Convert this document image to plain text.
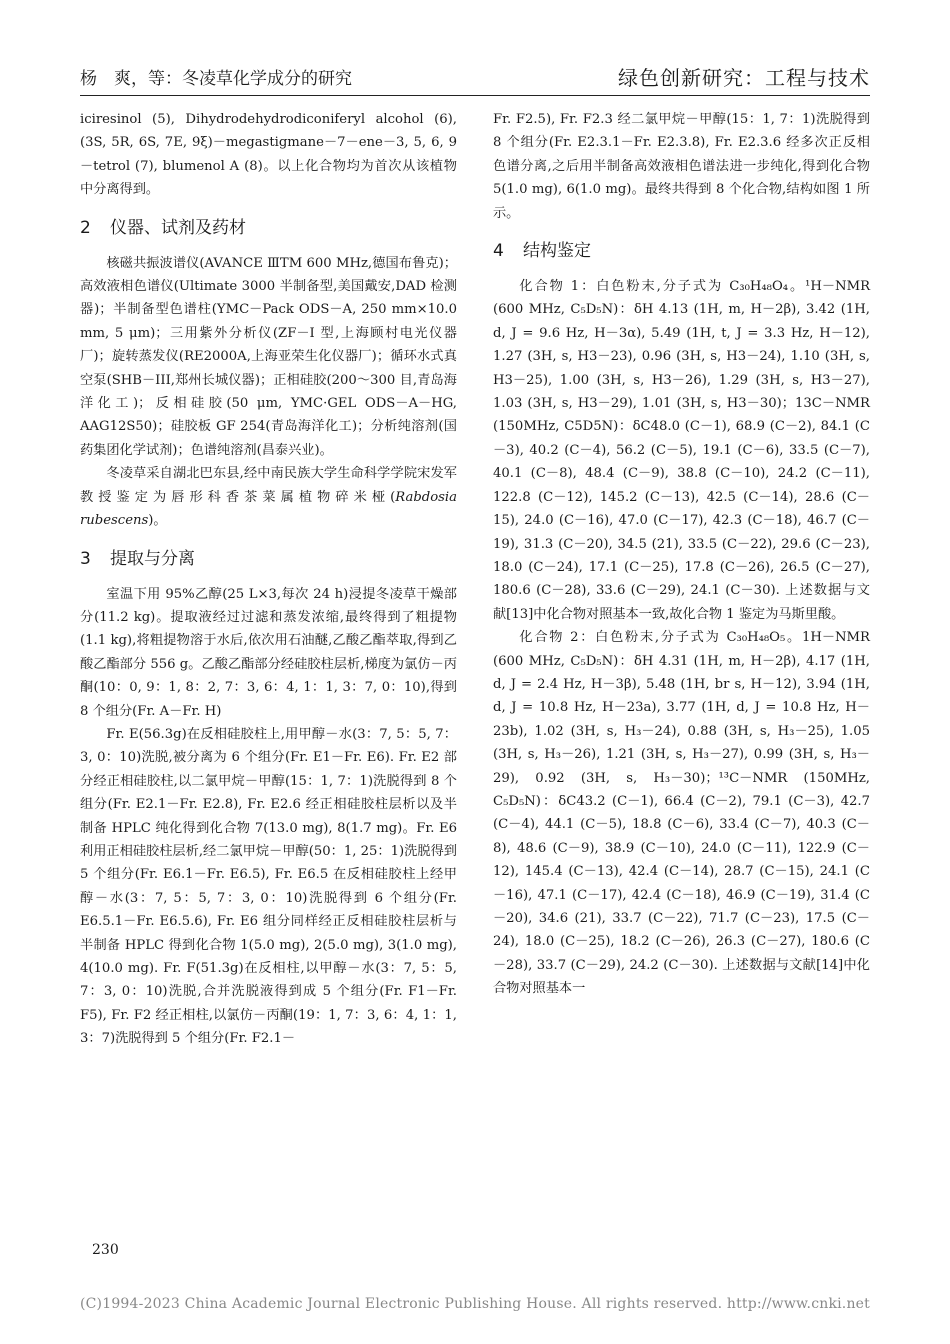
杨　爽，等：冬凌草化学成分的研究	绿色创新研究：工程与技术

iciresinol (5), Dihydrodehydrodiconiferyl alcohol (6), (3S, 5R, 6S, 7E, 9ξ)－megastigmane－7－ene－3, 5, 6, 9－tetrol (7), blumenol A (8)。以上化合物均为首次从该植物中分离得到。

2 仪器、试剂及药材

核磁共振波谱仪(AVANCE ⅢTM 600 MHz,德国布鲁克)；高效液相色谱仪(Ultimate 3000 半制备型,美国戴安,DAD 检测器)；半制备型色谱柱(YMC－Pack ODS－A, 250 mm×10.0 mm, 5 μm)；三用紫外分析仪(ZF－I 型,上海顾村电光仪器厂)；旋转蒸发仪(RE2000A,上海亚荣生化仪器厂)；循环水式真空泵(SHB－III,郑州长城仪器)；正相硅胶(200～300 目,青岛海洋化工)；反相硅胶(50 μm, YMC·GEL ODS－A－HG, AAG12S50)；硅胶板 GF 254(青岛海洋化工)；分析纯溶剂(国药集团化学试剂)；色谱纯溶剂(昌泰兴业)。

冬凌草采自湖北巴东县,经中南民族大学生命科学学院宋发军教授鉴定为唇形科香茶菜属植物碎米桠(Rabdosia rubescens)。

3 提取与分离

室温下用 95%乙醇(25 L×3,每次 24 h)浸提冬凌草干燥部分(11.2 kg)。提取液经过过滤和蒸发浓缩,最终得到了粗提物(1.1 kg),将粗提物溶于水后,依次用石油醚,乙酸乙酯萃取,得到乙酸乙酯部分 556 g。乙酸乙酯部分经硅胶柱层析,梯度为氯仿－丙酮(10：0, 9：1, 8：2, 7：3, 6：4, 1：1, 3：7, 0：10),得到 8 个组分(Fr. A－Fr. H)

Fr. E(56.3g)在反相硅胶柱上,用甲醇－水(3：7, 5：5, 7：3, 0：10)洗脱,被分离为 6 个组分(Fr. E1－Fr. E6). Fr. E2 部分经正相硅胶柱,以二氯甲烷－甲醇(15：1, 7：1)洗脱得到 8 个组分(Fr. E2.1－Fr. E2.8), Fr. E2.6 经正相硅胶柱层析以及半制备 HPLC 纯化得到化合物 7(13.0 mg), 8(1.7 mg)。Fr. E6 利用正相硅胶柱层析,经二氯甲烷－甲醇(50：1, 25：1)洗脱得到 5 个组分(Fr. E6.1－Fr. E6.5), Fr. E6.5 在反相硅胶柱上经甲醇－水(3：7, 5：5, 7：3, 0：10)洗脱得到 6 个组分(Fr. E6.5.1－Fr. E6.5.6), Fr. E6 组分同样经正反相硅胶柱层析与半制备 HPLC 得到化合物 1(5.0 mg), 2(5.0 mg), 3(1.0 mg), 4(10.0 mg). Fr. F(51.3g)在反相柱,以甲醇－水(3：7, 5：5, 7：3, 0：10)洗脱,合并洗脱液得到成 5 个组分(Fr. F1－Fr. F5), Fr. F2 经正相柱,以氯仿－丙酮(19：1, 7：3, 6：4, 1：1, 3：7)洗脱得到 5 个组分(Fr. F2.1－

Fr. F2.5), Fr. F2.3 经二氯甲烷－甲醇(15：1, 7：1)洗脱得到 8 个组分(Fr. E2.3.1－Fr. E2.3.8), Fr. E2.3.6 经多次正反相色谱分离,之后用半制备高效液相色谱法进一步纯化,得到化合物 5(1.0 mg), 6(1.0 mg)。最终共得到 8 个化合物,结构如图 1 所示。

4 结构鉴定

化合物 1：白色粉末,分子式为 C₃₀H₄₈O₄。¹H－NMR (600 MHz, C₅D₅N)：δH 4.13 (1H, m, H－2β), 3.42 (1H, d, J = 9.6 Hz, H－3α), 5.49 (1H, t, J = 3.3 Hz, H－12), 1.27 (3H, s, H3－23), 0.96 (3H, s, H3－24), 1.10 (3H, s, H3－25), 1.00 (3H, s, H3－26), 1.29 (3H, s, H3－27), 1.03 (3H, s, H3－29), 1.01 (3H, s, H3－30)；13C－NMR (150MHz, C5D5N)：δC48.0 (C－1), 68.9 (C－2), 84.1 (C－3), 40.2 (C－4), 56.2 (C－5), 19.1 (C－6), 33.5 (C－7), 40.1 (C－8), 48.4 (C－9), 38.8 (C－10), 24.2 (C－11), 122.8 (C－12), 145.2 (C－13), 42.5 (C－14), 28.6 (C－15), 24.0 (C－16), 47.0 (C－17), 42.3 (C－18), 46.7 (C－19), 31.3 (C－20), 34.5 (21), 33.5 (C－22), 29.6 (C－23), 18.0 (C－24), 17.1 (C－25), 17.8 (C－26), 26.5 (C－27), 180.6 (C－28), 33.6 (C－29), 24.1 (C－30). 上述数据与文献[13]中化合物对照基本一致,故化合物 1 鉴定为马斯里酸。

化合物 2：白色粉末,分子式为 C₃₀H₄₈O₅。1H－NMR (600 MHz, C₅D₅N)：δH 4.31 (1H, m, H－2β), 4.17 (1H, d, J = 2.4 Hz, H－3β), 5.48 (1H, br s, H－12), 3.94 (1H, d, J = 10.8 Hz, H－23a), 3.77 (1H, d, J = 10.8 Hz, H－23b), 1.02 (3H, s, H₃－24), 0.88 (3H, s, H₃－25), 1.05 (3H, s, H₃－26), 1.21 (3H, s, H₃－27), 0.99 (3H, s, H₃－29), 0.92 (3H, s, H₃－30)；¹³C－NMR (150MHz, C₅D₅N)：δC43.2 (C－1), 66.4 (C－2), 79.1 (C－3), 42.7 (C－4), 44.1 (C－5), 18.8 (C－6), 33.4 (C－7), 40.3 (C－8), 48.6 (C－9), 38.9 (C－10), 24.0 (C－11), 122.9 (C－12), 145.4 (C－13), 42.4 (C－14), 28.7 (C－15), 24.1 (C－16), 47.1 (C－17), 42.4 (C－18), 46.9 (C－19), 31.4 (C－20), 34.6 (21), 33.7 (C－22), 71.7 (C－23), 17.5 (C－24), 18.0 (C－25), 18.2 (C－26), 26.3 (C－27), 180.6 (C－28), 33.7 (C－29), 24.2 (C－30). 上述数据与文献[14]中化合物对照基本一

230
(C)1994-2023 China Academic Journal Electronic Publishing House. All rights reserved. http://www.cnki.net
